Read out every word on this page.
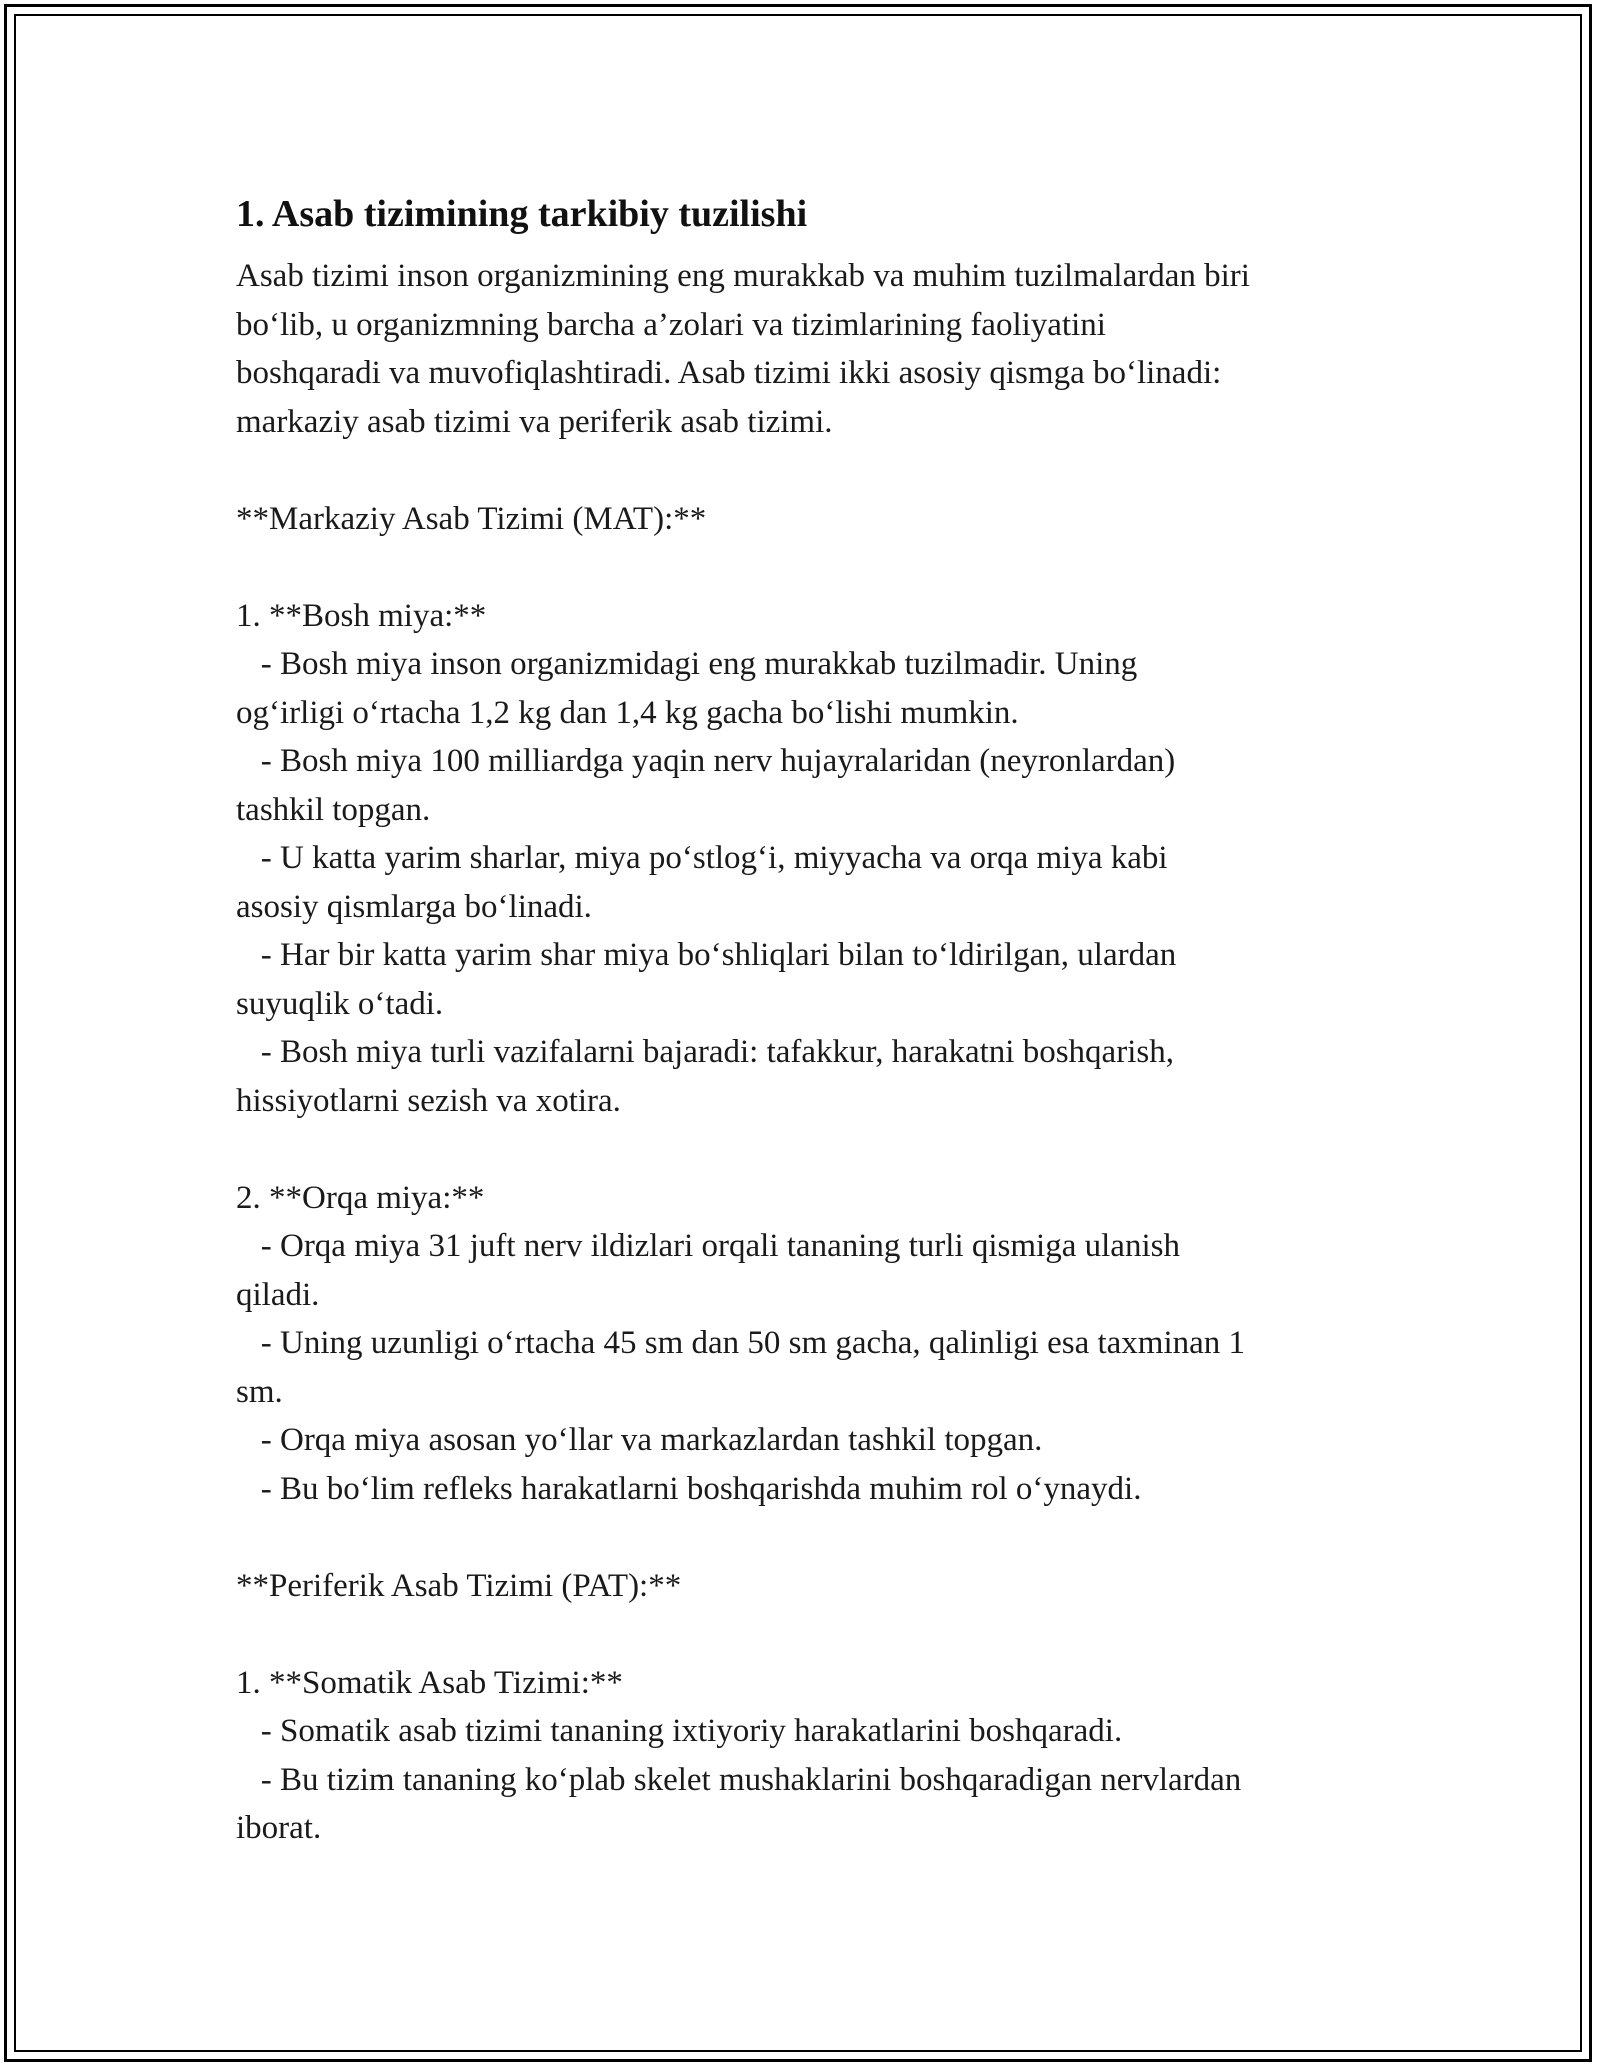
1. Asab tizimining tarkibiy tuzilishi

Asab tizimi inson organizmining eng murakkab va muhim tuzilmalardan biri

bo‘lib, u organizmning barcha a’zolari va tizimlarining faoliyatini

boshqaradi va muvofiqlashtiradi. Asab tizimi ikki asosiy qismga bo‘linadi:

markaziy asab tizimi va periferik asab tizimi.

**Markaziy Asab Tizimi (MAT):**

1. **Bosh miya:**

- Bosh miya inson organizmidagi eng murakkab tuzilmadir. Uning

og‘irligi o‘rtacha 1,2 kg dan 1,4 kg gacha bo‘lishi mumkin.

- Bosh miya 100 milliardga yaqin nerv hujayralaridan (neyronlardan)

tashkil topgan.

- U katta yarim sharlar, miya po‘stlog‘i, miyyacha va orqa miya kabi

asosiy qismlarga bo‘linadi.

- Har bir katta yarim shar miya bo‘shliqlari bilan to‘ldirilgan, ulardan

suyuqlik o‘tadi.

- Bosh miya turli vazifalarni bajaradi: tafakkur, harakatni boshqarish,

hissiyotlarni sezish va xotira.

2. **Orqa miya:**

- Orqa miya 31 juft nerv ildizlari orqali tananing turli qismiga ulanish

qiladi.

- Uning uzunligi o‘rtacha 45 sm dan 50 sm gacha, qalinligi esa taxminan 1

sm.

- Orqa miya asosan yo‘llar va markazlardan tashkil topgan.

- Bu bo‘lim refleks harakatlarni boshqarishda muhim rol o‘ynaydi.

**Periferik Asab Tizimi (PAT):**

1. **Somatik Asab Tizimi:**

- Somatik asab tizimi tananing ixtiyoriy harakatlarini boshqaradi.

- Bu tizim tananing ko‘plab skelet mushaklarini boshqaradigan nervlardan

iborat.
